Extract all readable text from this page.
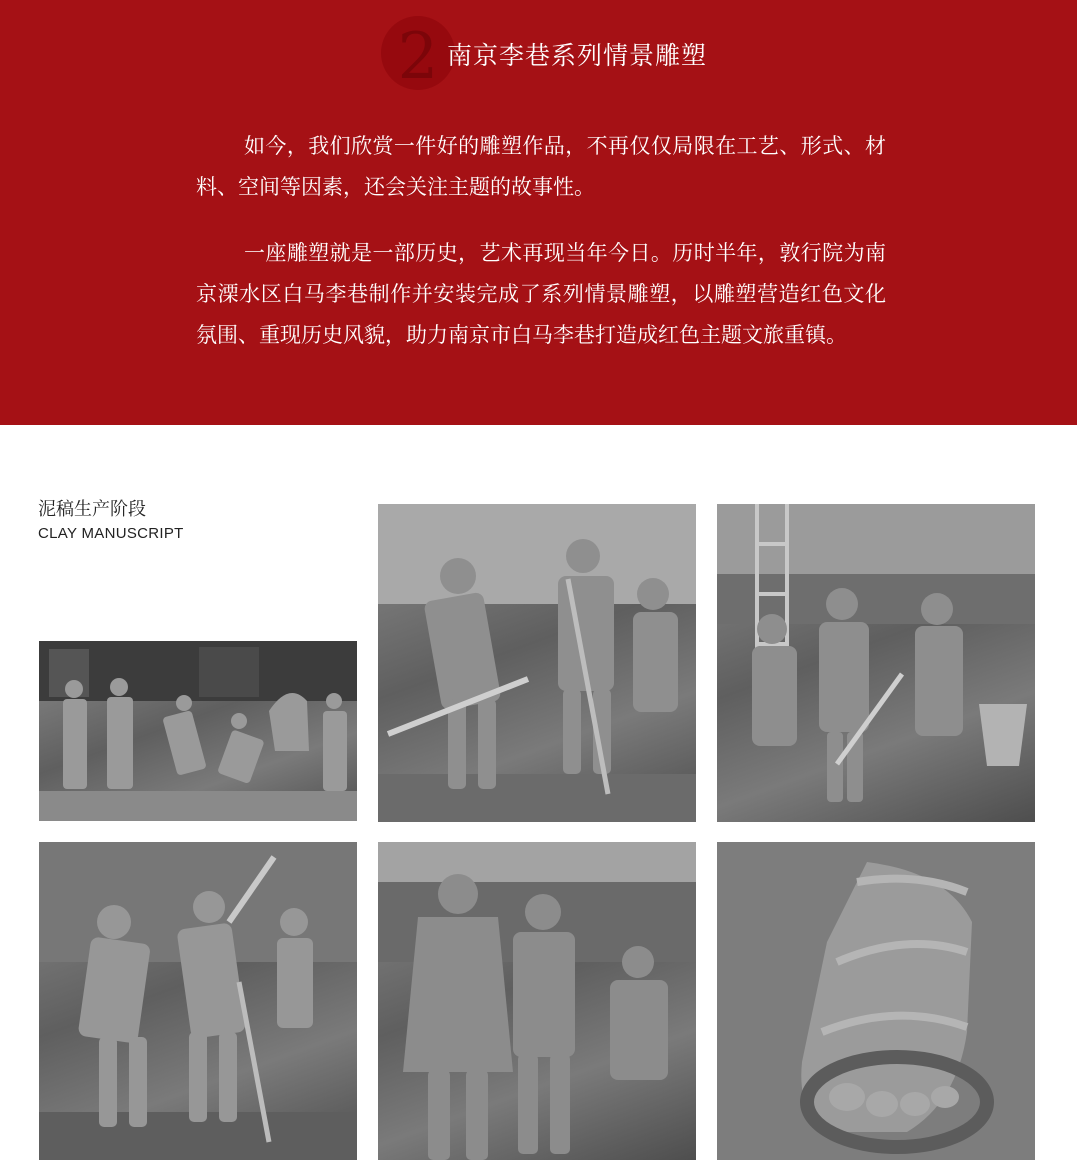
2 南京李巷系列情景雕塑

如今，我们欣赏一件好的雕塑作品，不再仅仅局限在工艺、形式、材料、空间等因素，还会关注主题的故事性。

一座雕塑就是一部历史，艺术再现当年今日。历时半年，敦行院为南京溧水区白马李巷制作并安装完成了系列情景雕塑，以雕塑营造红色文化氛围、重现历史风貌，助力南京市白马李巷打造成红色主题文旅重镇。

泥稿生产阶段
CLAY MANUSCRIPT
